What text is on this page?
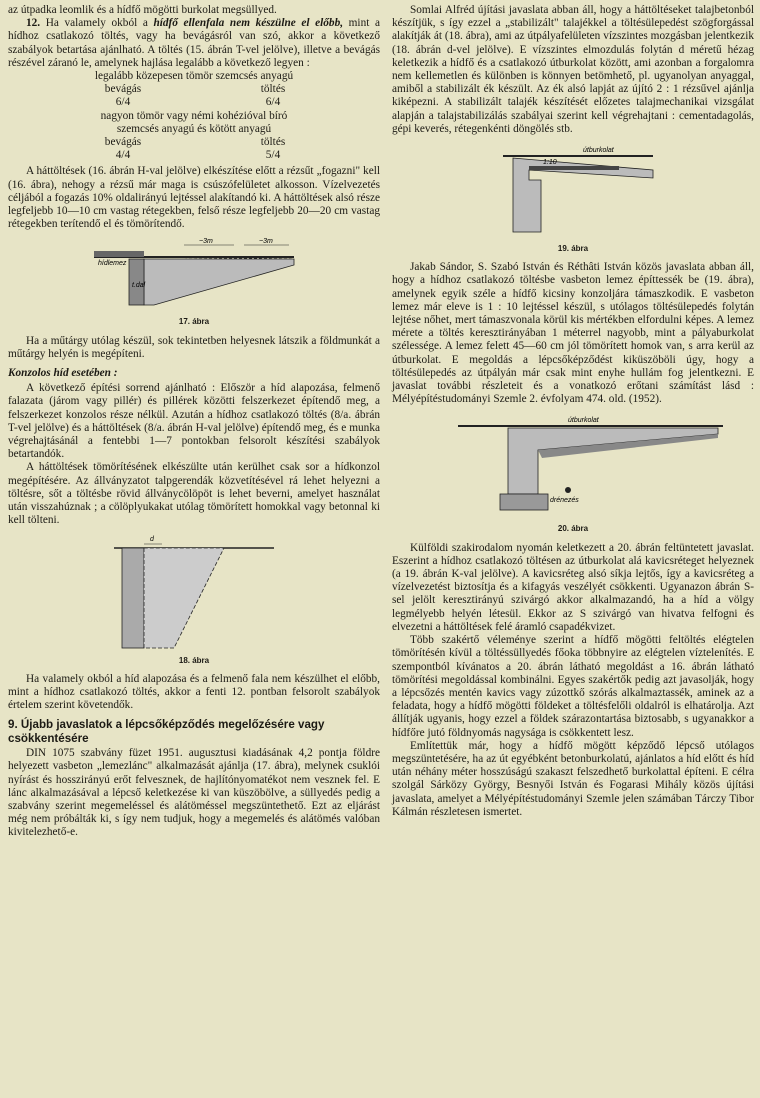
az útpadka leomlik és a hídfő mögötti burkolat megsüllyed.

12. Ha valamely okból a hídfő ellenfala nem készülne el előbb, mint a hídhoz csatlakozó töltés, vagy ha bevágásról van szó, akkor a következő szabályok betartása ajánlható. A töltés (15. ábrán T-vel jelölve), illetve a bevágás részével záranó le, amelynek hajlása legalább a következő legyen :

legalább közepesen tömör szemcsés anyagú

bevágás	töltés
6/4	6/4

nagyon tömör vagy némi kohézióval bíró

szemcsés anyagú és kötött anyagú

bevágás	töltés
4/4	5/4

A háttöltések (16. ábrán H-val jelölve) elkészítése előtt a rézsűt „fogazni" kell (16. ábra), nehogy a rézsű már maga is csúszófelületet alkosson. Vízelvezetés céljából a fogazás 10% oldalirányú lejtéssel alakítandó ki. A háttöltések alsó része legfeljebb 10—10 cm vastag rétegekben, felső része legfeljebb 20—20 cm vastag rétegekben terítendő el és tömörítendő.

~3m	~3m
hídlemez
t.dal

17. ábra

Ha a műtárgy utólag készül, sok tekintetben helyesnek látszik a földmunkát a műtárgy helyén is megépíteni.

Konzolos híd esetében :

A következő építési sorrend ajánlható : Először a híd alapozása, felmenő falazata (járom vagy pillér) és pillérek közötti felszerkezet építendő meg, a felszerkezet konzolos része nélkül. Azután a hídhoz csatlakozó töltés (8/a. ábrán T-vel jelölve) és a háttöltések (8/a. ábrán H-val jelölve) építendő meg, és e munka végrehajtásánál a fentebbi 1—7 pontokban felsorolt készítési szabályok betartandók.

A háttöltések tömörítésének elkészülte után kerülhet csak sor a hídkonzol megépítésére. Az állványzatot talpgerendák közvetítésével rá lehet helyezni a töltésre, sőt a töltésbe rövid állványcölöpöt is lehet beverni, amelyet használat után visszahúznak ; a cölöplyukakat utólag tömörített homokkal vagy betonnal ki kell tölteni.

d

18. ábra

Ha valamely okból a híd alapozása és a felmenő fala nem készülhet el előbb, mint a hídhoz csatlakozó töltés, akkor a fenti 12. pontban felsorolt szabályok értelem szerint követendők.

9. Újabb javaslatok a lépcsőképződés megelőzésére vagy csökkentésére

DIN 1075 szabvány füzet 1951. augusztusi kiadásának 4,2 pontja földre helyezett vasbeton „lemezlánc" alkalmazását ajánlja (17. ábra), melynek csuklói nyírást és hosszirányú erőt felvesznek, de hajlítónyomatékot nem vesznek fel. E lánc alkalmazásával a lépcső keletkezése ki van küszöbölve, a süllyedés pedig a szabvány szerint megemeléssel és alátöméssel megszüntethető. Ezt az eljárást még nem próbálták ki, s így nem tudjuk, hogy a megemelés és alátömés valóban kivitelezhető-e.

Somlai Alfréd újítási javaslata abban áll, hogy a háttöltéseket talajbetonból készítjük, s így ezzel a „stabilizált" talajékkel a töltésülepedést szögforgással alakítják át (18. ábra), ami az útpályafelületen vízszintes mozgásban jelentkezik (18. ábrán d-vel jelölve). E vízszintes elmozdulás folytán d méretű hézag keletkezik a hídfő és a csatlakozó útburkolat között, ami azonban a forgalomra nem kellemetlen és különben is könnyen betömhető, pl. ugyanolyan anyaggal, amiből a stabilizált ék készült. Az ék alsó lapját az újító 2 : 1 rézsűvel ajánlja kiképezni. A stabilizált talajék készítését előzetes talajmechanikai vizsgálat alapján a talajstabilizálás szabályai szerint kell végrehajtani : cementadagolás, gépi keverés, rétegenkénti döngölés stb.

útburkolat
1:10

19. ábra

Jakab Sándor, S. Szabó István és Réthâti István közös javaslata abban áll, hogy a hídhoz csatlakozó töltésbe vasbeton lemez építtessék be (19. ábra), amelynek egyik széle a hídfő kicsiny konzoljára támaszkodik. E vasbeton lemez már eleve is 1 : 10 lejtéssel készül, s utólagos töltésülepedés folytán lejtése nőhet, mert támaszvonala körül kis mértékben elfordulni képes. A lemez mérete a töltés keresztirányában 1 méterrel nagyobb, mint a pályaburkolat szélessége. A lemez felett 45—60 cm jól tömörített homok van, s arra kerül az útburkolat. E megoldás a lépcsőképződést kiküszöböli úgy, hogy a töltésülepedés az útpályán már csak mint enyhe hullám fog jelentkezni. E javaslat további részleteit és a vonatkozó erőtani számítást lásd : Mélyépítéstudományi Szemle 2. évfolyam 474. old. (1952).

útburkolat
drénezés

20. ábra

Külföldi szakirodalom nyomán keletkezett a 20. ábrán feltüntetett javaslat. Eszerint a hídhoz csatlakozó töltésen az útburkolat alá kavicsréteget helyeznek (a 19. ábrán K-val jelölve). A kavicsréteg alsó síkja lejtős, így a kavicsréteg a vízelvezetést biztosítja és a kifagyás veszélyét csökkenti. Ugyanazon ábrán S-sel jelölt keresztirányú szivárgó akkor alkalmazandó, ha a híd a völgy legmélyebb helyén létesül. Ekkor az S szivárgó van hivatva felfogni és elvezetni a háttöltések felé áramló csapadékvizet.

Több szakértő véleménye szerint a hídfő mögötti feltöltés elégtelen tömörítésén kívül a töltéssüllyedés főoka többnyire az elégtelen víztelenítés. E szempontból kívánatos a 20. ábrán látható megoldást a 16. ábrán látható tömörítési megoldással kombinálni. Egyes szakértők pedig azt javasolják, hogy a lépcsőzés mentén kavics vagy zúzottkő szórás alkalmaztassék, aminek az a feladata, hogy a hídfő mögötti földeket a töltésfelőli oldalról is elhatárolja. Azt állítják ugyanis, hogy ezzel a földek szárazontartása biztosabb, s ugyanakkor a hídfőre jutó földnyomás nagysága is csökkentett lesz.

Említettük már, hogy a hídfő mögött képződő lépcső utólagos megszüntetésére, ha az út egyébként betonburkolatú, ajánlatos a híd előtt és híd után néhány méter hosszúságú szakaszt felszedhető burkolattal építeni. E célra szolgál Sárközy György, Besnyői István és Fogarasi Mihály közös újítási javaslata, amelyet a Mélyépítéstudományi Szemle jelen számában Tárczy Tibor Kálmán részletesen ismertet.
